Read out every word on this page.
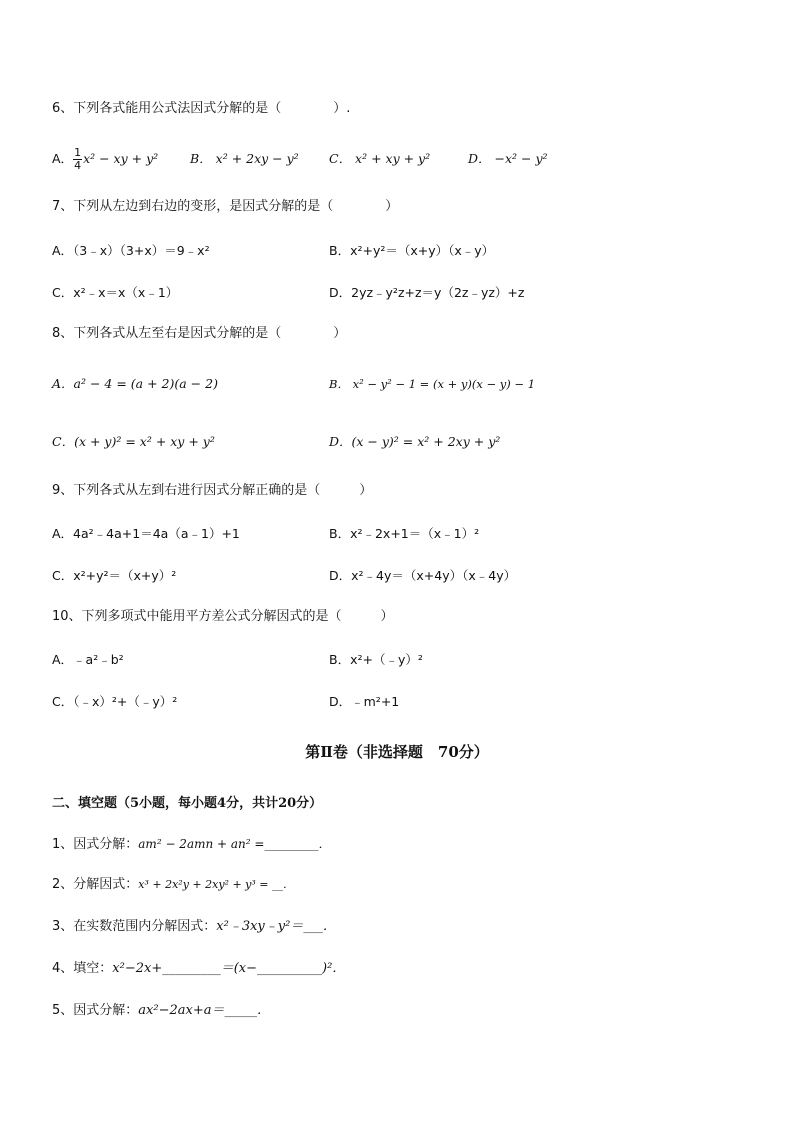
6、下列各式能用公式法因式分解的是（　　　　）.
A． $\frac{1}{4} x^2$ − xy + y²	B． x² + 2xy − y² C． x² + xy + y²	D． −x² − y²
7、下列从左边到右边的变形，是因式分解的是（　　　　）
A．（3﹣x）（3+x）＝9﹣x²	B．x²+y²＝（x+y）（x﹣y）
C．x²﹣x＝x（x﹣1）	D．2yz﹣y²z+z＝y（2z﹣yz）+z
8、下列各式从左至右是因式分解的是（　　　　）
A．a² − 4 = (a + 2)(a − 2)	B． x² − y² − 1 = (x + y)(x − y) − 1
C．(x + y)² = x² + xy + y²	D．(x − y)² = x² + 2xy + y²
9、下列各式从左到右进行因式分解正确的是（　　　）
A．4a²﹣4a+1＝4a（a﹣1）+1	B．x²﹣2x+1＝（x﹣1）²
C．x²+y²＝（x+y）²	D．x²﹣4y＝（x+4y）（x﹣4y）
10、下列多项式中能用平方差公式分解因式的是（　　　）
A．﹣a²﹣b²	B．x²+（﹣y）²
C．（﹣x）²+（﹣y）²	D．﹣m²+1
第Ⅱ卷（非选择题　70分）
二、填空题（5小题，每小题4分，共计20分）
1、因式分解：am² − 2amn + an² =_________．
2、分解因式：x³ + 2x²y + 2xy² + y³ = __．
3、在实数范围内分解因式：x²﹣3xy﹣y²＝___．
4、填空：x²−2x+_________＝(x−__________)²．
5、因式分解：ax²−2ax+a＝_____．
